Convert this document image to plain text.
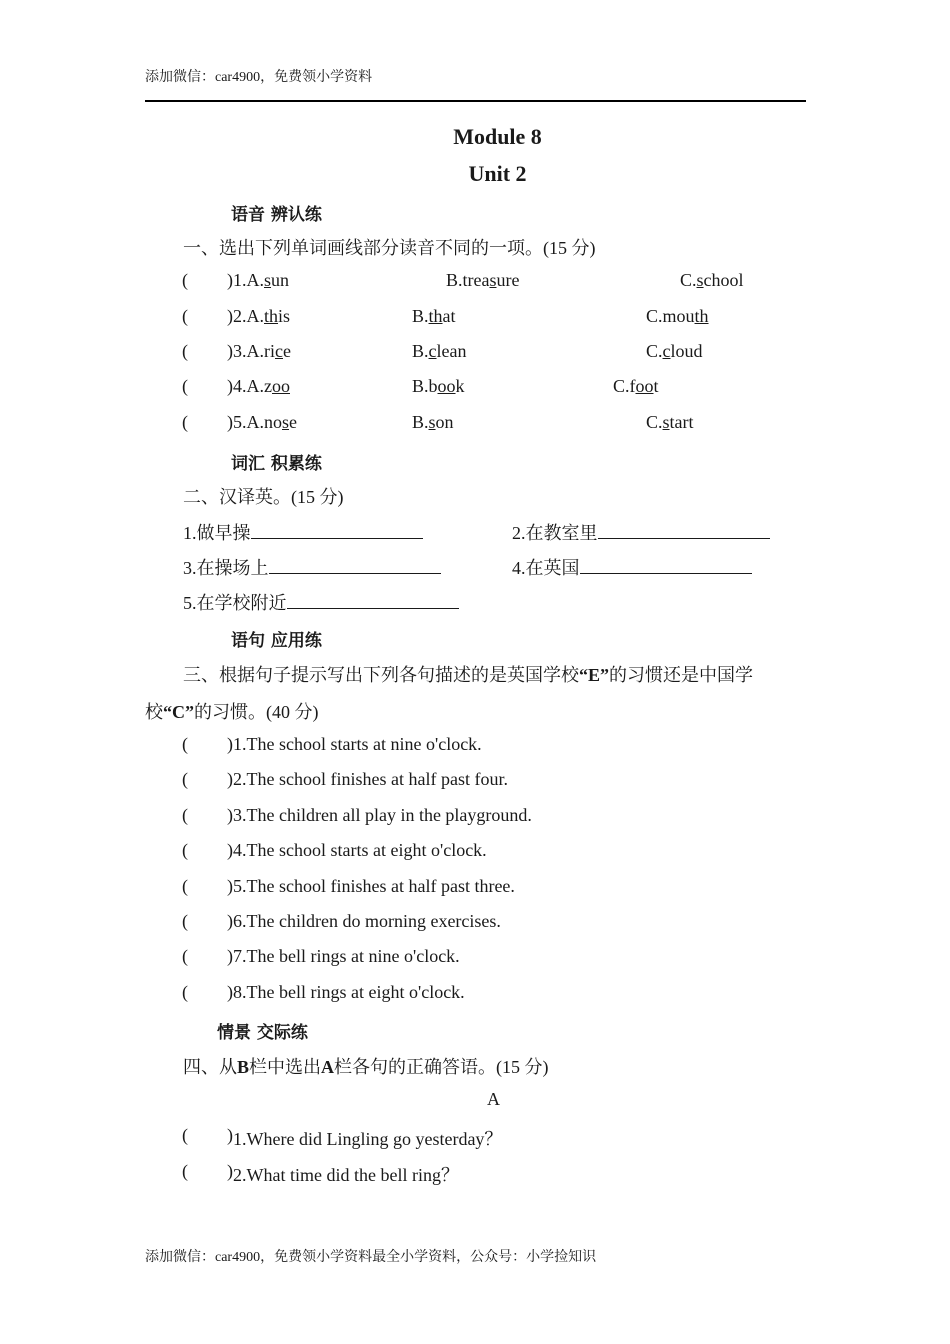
添加微信：car4900，免费领小学资料
Module 8
Unit 2
语音 辨认练
一、选出下列单词画线部分读音不同的一项。(15 分)
( ) 1.A.sun	B.treasure	C.school
( ) 2.A.this	B.that	C.mouth
( ) 3.A.rice	B.clean	C.cloud
( ) 4.A.zoo	B.book	C.foot
( ) 5.A.nose	B.son	C.start
词汇 积累练
二、汉译英。(15 分)
1.做早操	2.在教室里
3.在操场上	4.在英国
5.在学校附近
语句 应用练
三、根据句子提示写出下列各句描述的是英国学校“E”的习惯还是中国学
校“C”的习惯。(40 分)
( ) 1.The school starts at nine o'clock.
( ) 2.The school finishes at half past four.
( ) 3.The children all play in the playground.
( ) 4.The school starts at eight o'clock.
( ) 5.The school finishes at half past three.
( ) 6.The children do morning exercises.
( ) 7.The bell rings at nine o'clock.
( ) 8.The bell rings at eight o'clock.
情景 交际练
四、从B栏中选出A栏各句的正确答语。(15 分)
A
( ) 1.Where did Lingling go yesterday？
( ) 2.What time did the bell ring？
添加微信：car4900，免费领小学资料最全小学资料，公众号：小学捡知识
